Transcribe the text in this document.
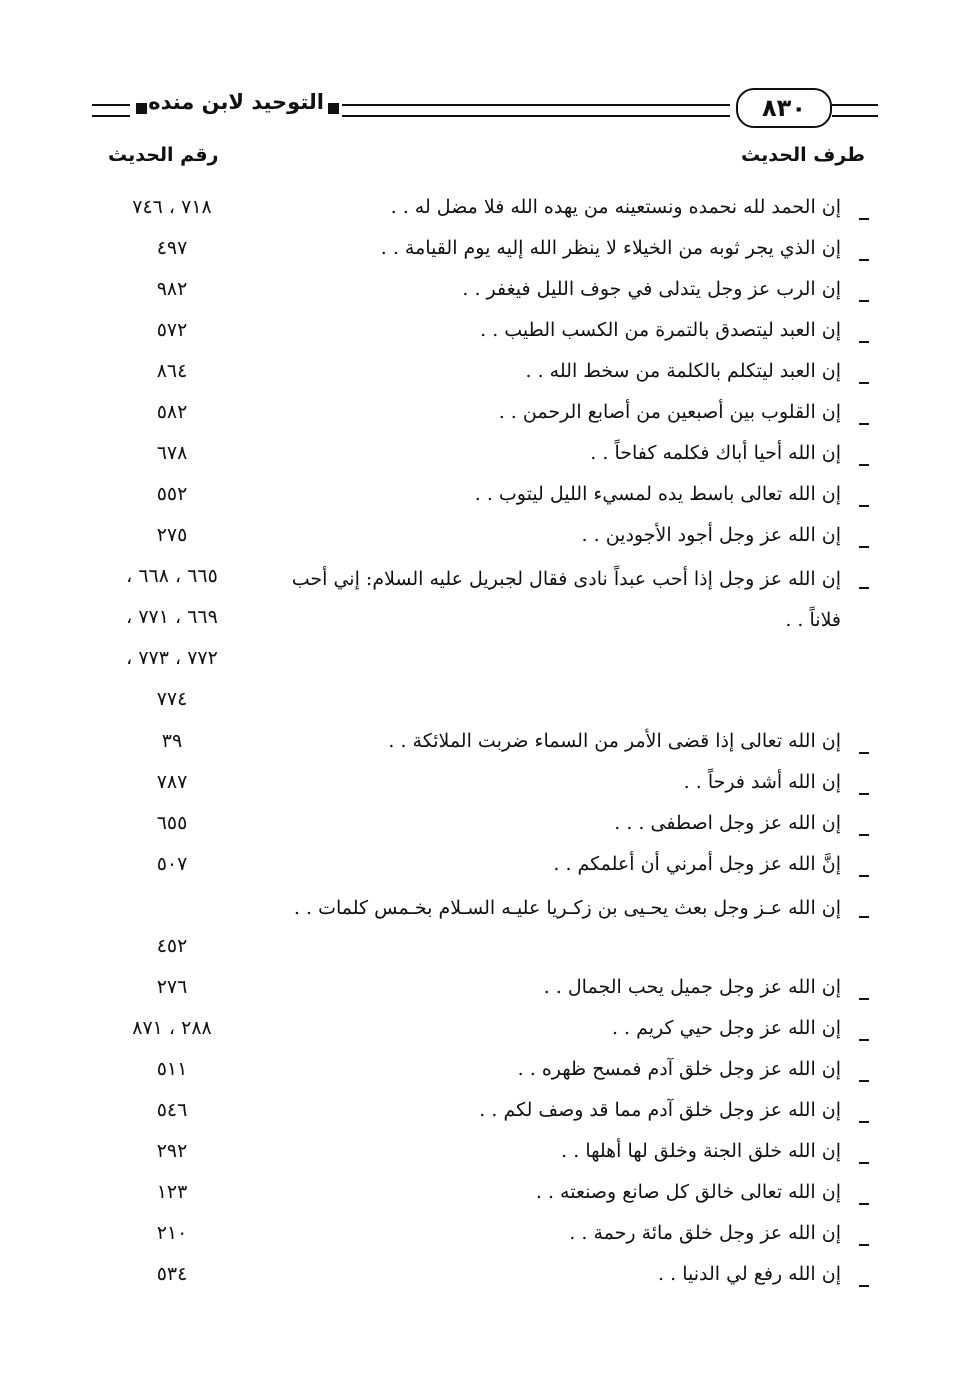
التوحيد لابن منده	٨٣٠
طرف الحديث
رقم الحديث
إن الحمد لله نحمده ونستعينه من يهده الله فلا مضل له . .
٧١٨ ، ٧٤٦
إن الذي يجر ثوبه من الخيلاء لا ينظر الله إليه يوم القيامة . .
٤٩٧
إن الرب عز وجل يتدلى في جوف الليل فيغفر . .
٩٨٢
إن العبد ليتصدق بالتمرة من الكسب الطيب . .
٥٧٢
إن العبد ليتكلم بالكلمة من سخط الله . .
٨٦٤
إن القلوب بين أصبعين من أصابع الرحمن . .
٥٨٢
إن الله أحيا أباك فكلمه كفاحاً . .
٦٧٨
إن الله تعالى باسط يده لمسيء الليل ليتوب . .
٥٥٢
إن الله عز وجل أجود الأجودين . .
٢٧٥
إن الله عز وجل إذا أحب عبداً نادى فقال لجبريل عليه السلام: إني أحب فلاناً . .
٦٦٥ ، ٦٦٨ ،
٦٦٩ ، ٧٧١ ،
٧٧٢ ، ٧٧٣ ،
٧٧٤
إن الله تعالى إذا قضى الأمر من السماء ضربت الملائكة . .
٣٩
إن الله أشد فرحاً . .
٧٨٧
إن الله عز وجل اصطفى . . .
٦٥٥
إنَّ الله عز وجل أمرني أن أعلمكم . .
٥٠٧
إن الله عـز وجل بعث يحـيى بن زكـريا عليـه السـلام بخـمس كلمات . .
٤٥٢
إن الله عز وجل جميل يحب الجمال . .
٢٧٦
إن الله عز وجل حيي كريم . .
٢٨٨ ، ٨٧١
إن الله عز وجل خلق آدم فمسح ظهره . .
٥١١
إن الله عز وجل خلق آدم مما قد وصف لكم . .
٥٤٦
إن الله خلق الجنة وخلق لها أهلها . .
٢٩٢
إن الله تعالى خالق كل صانع وصنعته . .
١٢٣
إن الله عز وجل خلق مائة رحمة . .
٢١٠
إن الله رفع لي الدنيا . .
٥٣٤
